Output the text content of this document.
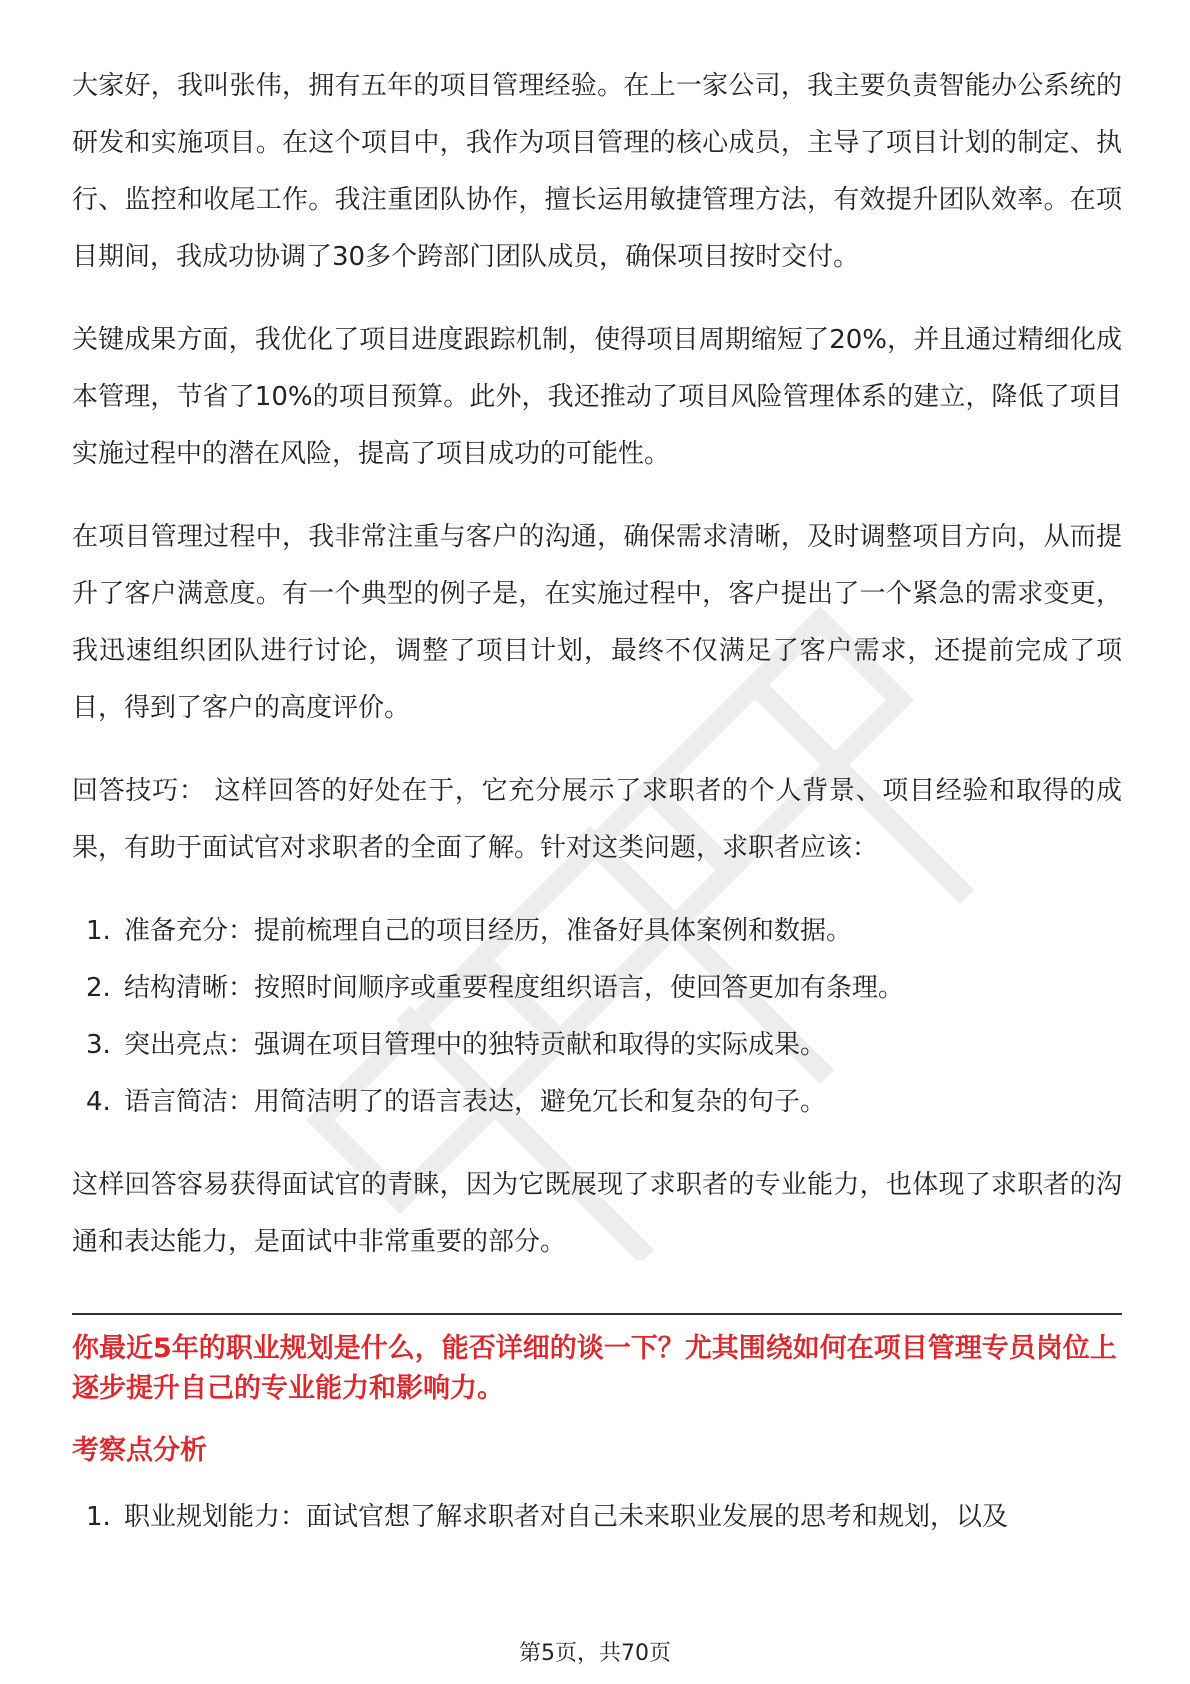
大家好，我叫张伟，拥有五年的项目管理经验。在上一家公司，我主要负责智能办公系统的研发和实施项目。在这个项目中，我作为项目管理的核心成员，主导了项目计划的制定、执行、监控和收尾工作。我注重团队协作，擅长运用敏捷管理方法，有效提升团队效率。在项目期间，我成功协调了30多个跨部门团队成员，确保项目按时交付。

关键成果方面，我优化了项目进度跟踪机制，使得项目周期缩短了20%，并且通过精细化成本管理，节省了10%的项目预算。此外，我还推动了项目风险管理体系的建立，降低了项目实施过程中的潜在风险，提高了项目成功的可能性。

在项目管理过程中，我非常注重与客户的沟通，确保需求清晰，及时调整项目方向，从而提升了客户满意度。有一个典型的例子是，在实施过程中，客户提出了一个紧急的需求变更，我迅速组织团队进行讨论，调整了项目计划，最终不仅满足了客户需求，还提前完成了项目，得到了客户的高度评价。

回答技巧： 这样回答的好处在于，它充分展示了求职者的个人背景、项目经验和取得的成果，有助于面试官对求职者的全面了解。针对这类问题，求职者应该：

1. 准备充分：提前梳理自己的项目经历，准备好具体案例和数据。
2. 结构清晰：按照时间顺序或重要程度组织语言，使回答更加有条理。
3. 突出亮点：强调在项目管理中的独特贡献和取得的实际成果。
4. 语言简洁：用简洁明了的语言表达，避免冗长和复杂的句子。

这样回答容易获得面试官的青睐，因为它既展现了求职者的专业能力，也体现了求职者的沟通和表达能力，是面试中非常重要的部分。

你最近5年的职业规划是什么，能否详细的谈一下？尤其围绕如何在项目管理专员岗位上逐步提升自己的专业能力和影响力。

考察点分析

1. 职业规划能力：面试官想了解求职者对自己未来职业发展的思考和规划，以及
第5页，共70页
